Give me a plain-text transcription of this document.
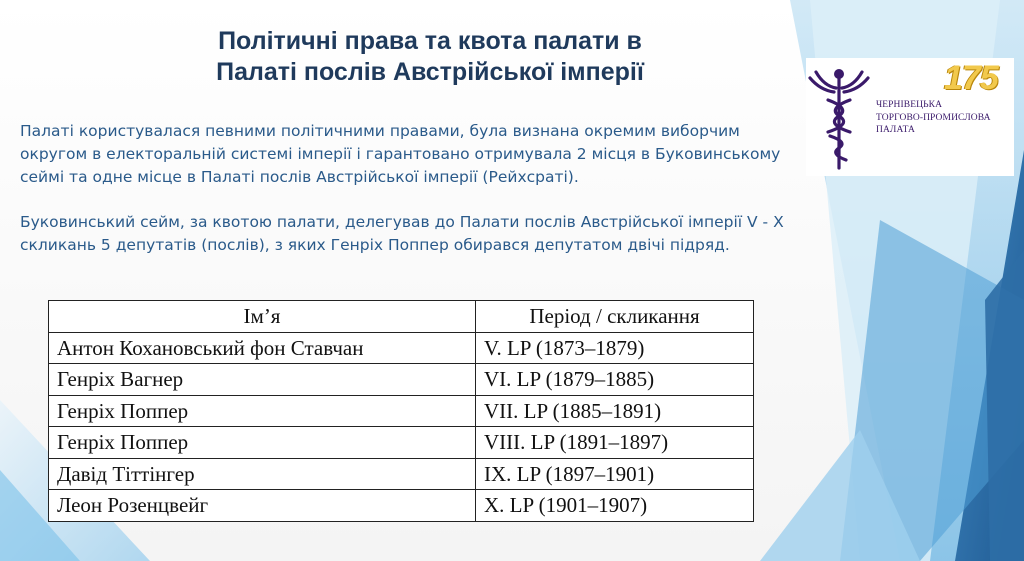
Політичні права та квота палати в
Палаті послів Австрійської імперії

Палаті користувалася певними політичними правами, була визнана окремим виборчим округом в електоральній системі імперії і гарантовано отримувала 2 місця в Буковинському сеймі та одне місце в Палаті послів Австрійської імперії (Рейхсраті).

Буковинський сейм, за квотою палати, делегував до Палати послів Австрійської імперії V - X скликань 5 депутатів (послів), з яких Генріх Поппер обирався депутатом двічі підряд.

175
ЧЕРНІВЕЦЬКА
ТОРГОВО-ПРОМИСЛОВА
ПАЛАТА
Ім’я	Період / скликання
Антон Кохановський фон Ставчан	V. LP (1873–1879)
Генріх Вагнер	VI. LP (1879–1885)
Генріх Поппер	VII. LP (1885–1891)
Генріх Поппер	VIII. LP (1891–1897)
Давід Тіттінгер	IX. LP (1897–1901)
Леон Розенцвейг	X. LP (1901–1907)
